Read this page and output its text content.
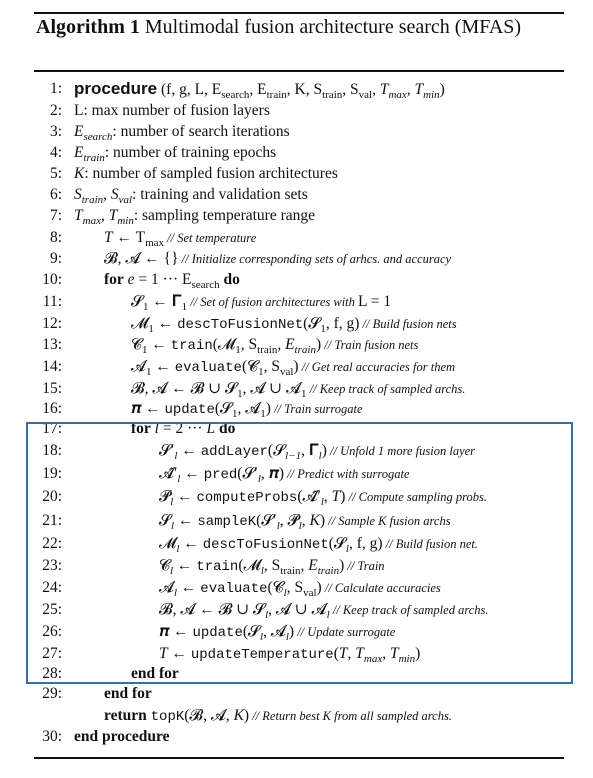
Algorithm 1 Multimodal fusion architecture search (MFAS)
1: procedure (f, g, L, $E_{search}$, $E_{train}$, K, $S_{train}$, $S_{val}$, $T_{max}$, $T_{min}$)
2: L: max number of fusion layers
3: $E_{search}$: number of search iterations
4: $E_{train}$: number of training epochs
5: K: number of sampled fusion architectures
6: $S_{train}$, $S_{val}$: training and validation sets
7: $T_{max}$, $T_{min}$: sampling temperature range
8:	T ← $T_{max}$ // Set temperature
9:	𝓑, 𝓐 ← {} // Initialize corresponding sets of arhcs. and accuracy
10:	for e = 1 ··· $E_{search}$ do
11:	𝓢$_1$ ← 𝚪$_1$ // Set of fusion architectures with L = 1
12:	𝓜$_1$ ← descToFusionNet(𝓢$_1$, f, g) // Build fusion nets
13:	𝓒$_1$ ← train(𝓜$_1$, $S_{train}$, $E_{train}$) // Train fusion nets
14:	𝓐$_1$ ← evaluate(𝓒$_1$, $S_{val}$) // Get real accuracies for them
15:	𝓑, 𝓐 ← 𝓑 ∪ 𝓢$_1$, 𝓐 ∪ 𝓐$_1$ // Keep track of sampled archs.
16:	𝝅 ← update(𝓢$_1$, 𝓐$_1$) // Train surrogate
17:	for l = 2 ··· L do
18:	$𝓢'_l$ ← addLayer(𝓢$_{l-1}$, 𝚪$_l$) // Unfold 1 more fusion layer
19:	$𝓐̂'_l$ ← $pred(𝓢'_l$, 𝝅) // Predict with surrogate
20:	𝓟$_l$ ← $computeProbs(𝓐̂'_l$, T) // Compute sampling probs.
21:	𝓢$_l$ ← $sampleK(𝓢'_l$, 𝓟$_l$, K) // Sample K fusion archs
22:	𝓜$_l$ ← descToFusionNet(𝓢$_l$, f, g) // Build fusion net.
23:	𝓒$_l$ ← train(𝓜$_l$, $S_{train}$, $E_{train}$) // Train
24:	𝓐$_l$ ← evaluate(𝓒$_l$, $S_{val}$) // Calculate accuracies
25:	𝓑, 𝓐 ← 𝓑 ∪ 𝓢$_l$, 𝓐 ∪ 𝓐$_l$ // Keep track of sampled archs.
26:	𝝅 ← update(𝓢$_l$, 𝓐$_l$) // Update surrogate
27:	T ← updateTemperature(T, $T_{max}$, $T_{min}$)
28:	end for
29:	end for
return topK(𝓑, 𝓐, K) // Return best K from all sampled archs.
30: end procedure
